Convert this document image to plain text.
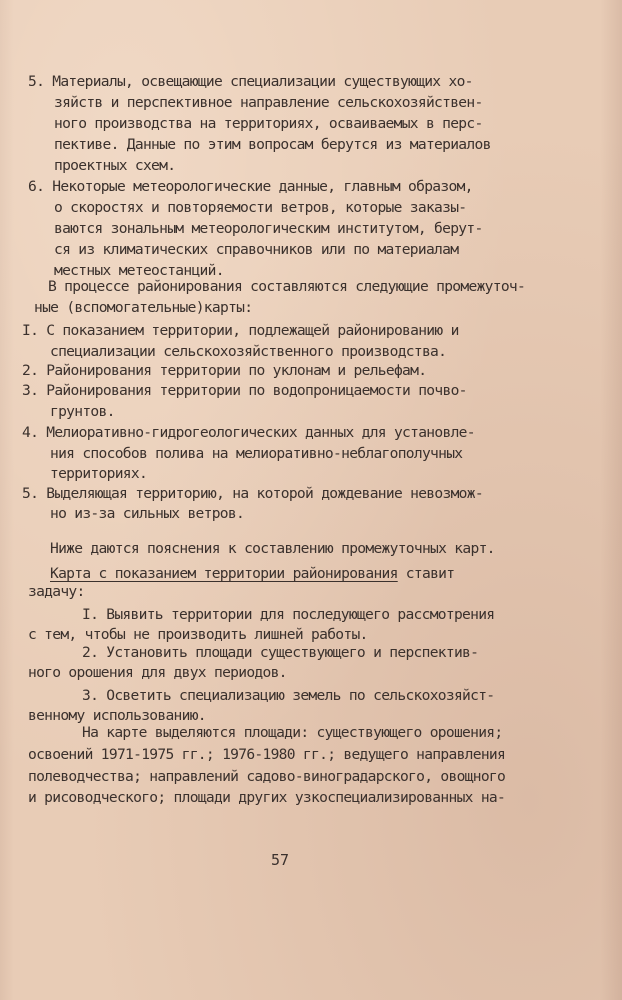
5. Материалы, освещающие специализации существующих хо-
зяйств и перспективное направление сельскохозяйствен-
ного производства на территориях, осваиваемых в перс-
пективе. Данные по этим вопросам берутся из материалов
проектных схем.
6. Некоторые метеорологические данные, главным образом,
о скоростях и повторяемости ветров, которые заказы-
ваются зональным метеорологическим институтом, берут-
ся из климатических справочников или по материалам
местных метеостанций.
В процессе районирования составляются следующие промежуточ-
ные (вспомогательные)карты:
I. С показанием территории, подлежащей районированию и
специализации сельскохозяйственного производства.
2. Районирования территории по уклонам и рельефам.
3. Районирования территории по водопроницаемости почво-
грунтов.
4. Мелиоративно-гидрогеологических данных для установле-
ния способов полива на мелиоративно-неблагополучных
территориях.
5. Выделяющая территорию, на которой дождевание невозмож-
но из-за сильных ветров.
Ниже даются пояснения к составлению промежуточных карт.
Карта с показанием территории районирования ставит
задачу:
I. Выявить территории для последующего рассмотрения
с тем, чтобы не производить лишней работы.
2. Установить площади существующего и перспектив-
ного орошения для двух периодов.
3. Осветить специализацию земель по сельскохозяйст-
венному использованию.
На карте выделяются площади: существующего орошения;
освоений 1971-1975 гг.; 1976-1980 гг.; ведущего направления
полеводчества; направлений садово-виноградарского, овощного
и рисоводческого; площади других узкоспециализированных на-
57
